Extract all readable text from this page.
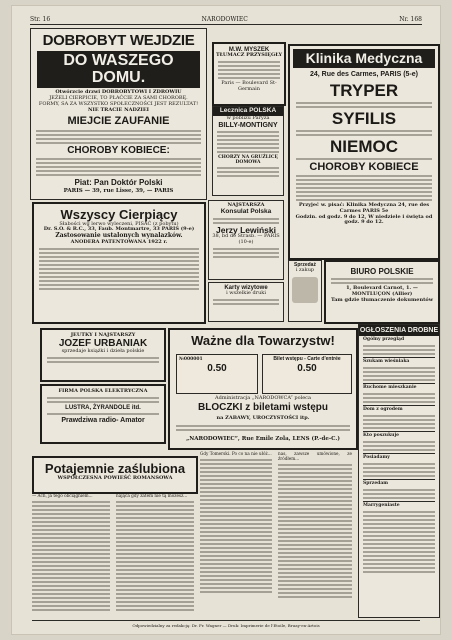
Str. 16	NARODOWIEC	Nr. 168
DOBROBYT WEJDZIE
DO WASZEGO DOMU.
Otwórzcie drzwi DOBROBYTOWI I ZDROWIU
JEŻELI CIERPICIE, TO PŁAĆCIE ZA SAMI CHOROBĘ.
FORMY, SA ZA WSZYSTKO SPOŁECZNOŚCI JEST REZULTAT!
NIE TRACIE NADZIEI
MIEJCIE ZAUFANIE
CHOROBY KOBIECE:
Piat: Pan Doktór Polski
PARIS — 39, rue Lisse, 39, — PARIS
M.W. MYSZEK
TŁUMACZ PRZYSIĘGŁY
Paris — Boulevard St-Germain
Lecznica POLSKA
w pobliżu Paryża
BILLY-MONTIGNY
CHORZY NA GRUŹLICĘ DOMOWA
Klinika Medyczna
24, Rue des Carmes, PARIS (5-e)
TRYPER
SYFILIS
NIEMOC
CHOROBY KOBIECE
Przyjeć w. pisać: Klinika Medyczna 24, rue des Carmes PARIS 5e
Godzin. od godz. 9 do 12, W niedziele i święta od godz. 9 do 12.
Wszyscy Cierpiący
Słabości wg lerwo wyleczeni, PISAĆ (z pobytu)
Dr. S.O. & R.C., 33, Faub. Montmartre, 33 PARIS (9-e)
Zastosowanie ustalonych wynalazków.
ANODERA PATENTOWANA 1922 r.
NAJSTARSZA
Konsulat Polska
Jerzy Lewiński
38, bd de Strasb. — PARIS (10-e)
Karty wizytowe
i wszelkie druki
Sprzedaż
i zakup	BIURO POLSKIE
1, Boulevard Carnot, 1. — MONTLUÇON (Allier)
Tam gdzie tłumaczenie dokumentów
JEUTKY I NAJSTARSZY
JOZEF URBANIAK
sprzedaje książki i dzieła polskie
FIRMA POLSKA ELEKTRYCZNA
LUSTRA, ŻYRANDOLE itd.
Prawdziwa radio- Amator
Ważne dla Towarzystw!
№000001
0.50
Bilet wstępu - Carte d'entrée
0.50
Administracja „NARODOWCA” poleca
BLOCZKI z biletami wstępu
na ZABAWY, UROCZYSTOŚCI itp.
„NARODOWIEC”, Rue Emile Zola, LENS (P.-de-C.)
OGŁOSZENIA DROBNE
Ogólny przegląd
Szukam wieśniaka
Ruchome mieszkanie
Dom z ogrodem
Kto poszukuje
Posiadamy
Sprzedam
Marrygeniaste
Potajemnie zaślubiona
WSPÓŁCZESNA POWIEŚĆ ROMANSOWA
— Ach, ja tego obciągniem...	nająca gdy zatem nie tą możesz...
Gdy Tomerski. Po co na nie ułóż... nas, zawsze umówione, ze źródłem...
Odpowiedzialny za redakcję: Dr. Fr. Wagner — Druk: Imprimerie de l'Etoile, Bruay-en-Artois
